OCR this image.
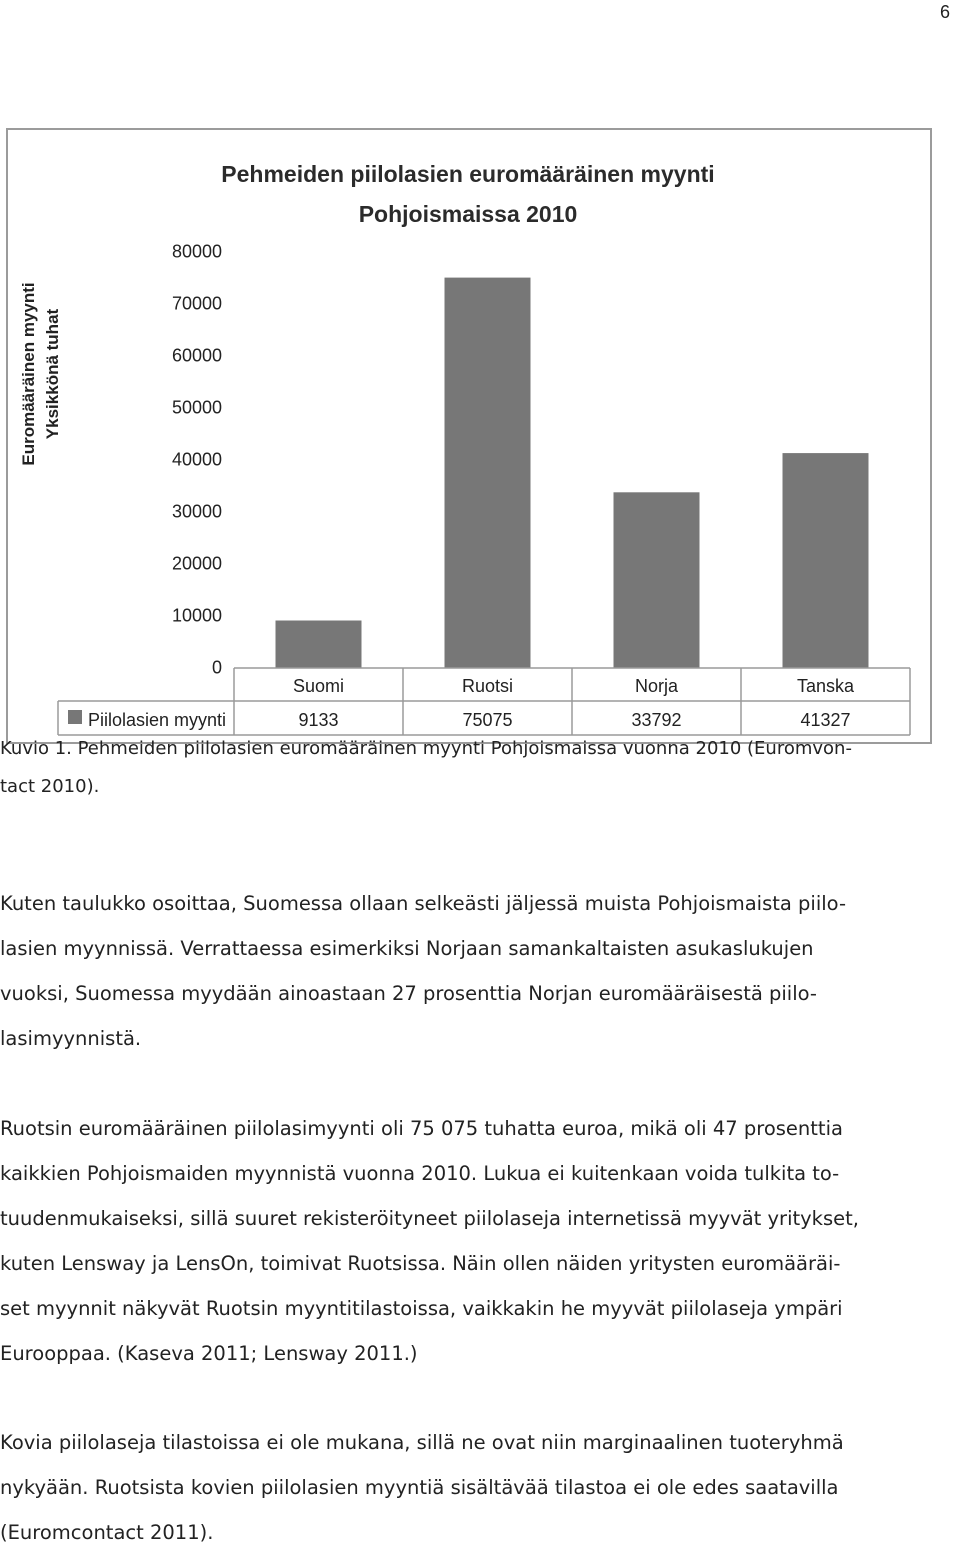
6
Pehmeiden piilolasien euromääräinen myynti
Pohjoismaissa 2010
Euromääräinen myynti Yksikkönä tuhat
80000
70000
60000
50000
40000
30000
20000
10000
0
Suomi
9133
Ruotsi
75075
Norja
33792
Tanska
41327
Piilolasien myynti
Kuvio 1. Pehmeiden piilolasien euromääräinen myynti Pohjoismaissa vuonna 2010 (Euromvon-
tact 2010).
Kuten taulukko osoittaa, Suomessa ollaan selkeästi jäljessä muista Pohjoismaista piilo-
lasien myynnissä. Verrattaessa esimerkiksi Norjaan samankaltaisten asukaslukujen
vuoksi, Suomessa myydään ainoastaan 27 prosenttia Norjan euromääräisestä piilo-
lasimyynnistä.
Ruotsin euromääräinen piilolasimyynti oli 75 075 tuhatta euroa, mikä oli 47 prosenttia
kaikkien Pohjoismaiden myynnistä vuonna 2010. Lukua ei kuitenkaan voida tulkita to-
tuudenmukaiseksi, sillä suuret rekisteröityneet piilolaseja internetissä myyvät yritykset,
kuten Lensway ja LensOn, toimivat Ruotsissa. Näin ollen näiden yritysten euromääräi-
set myynnit näkyvät Ruotsin myyntitilastoissa, vaikkakin he myyvät piilolaseja ympäri
Eurooppaa. (Kaseva 2011; Lensway 2011.)
Kovia piilolaseja tilastoissa ei ole mukana, sillä ne ovat niin marginaalinen tuoteryhmä
nykyään. Ruotsista kovien piilolasien myyntiä sisältävää tilastoa ei ole edes saatavilla
(Euromcontact 2011).
